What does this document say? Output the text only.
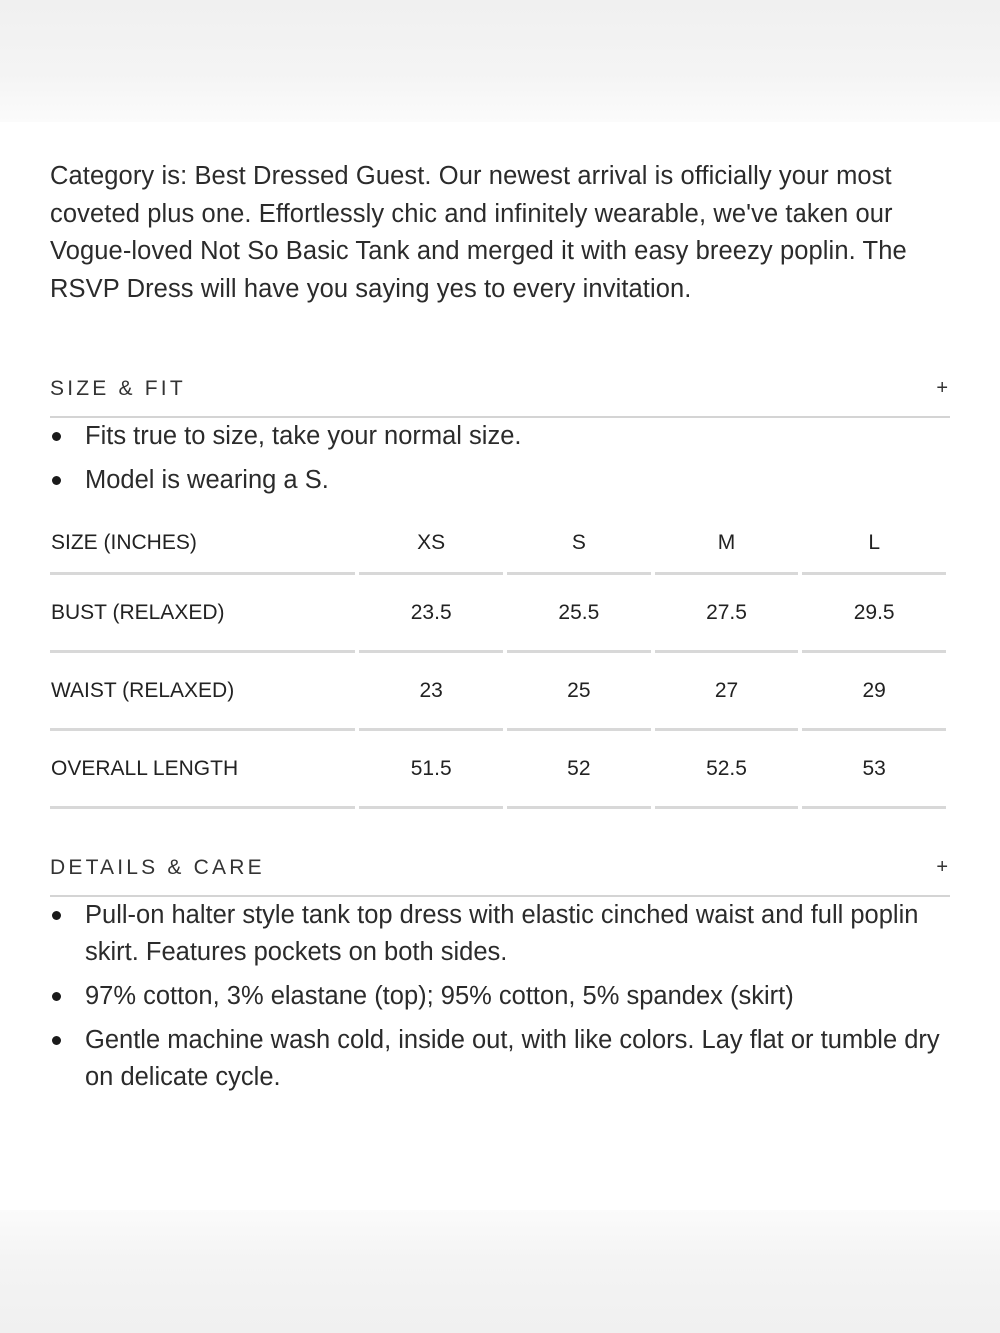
Category is: Best Dressed Guest. Our newest arrival is officially your most coveted plus one. Effortlessly chic and infinitely wearable, we've taken our Vogue-loved Not So Basic Tank and merged it with easy breezy poplin. The RSVP Dress will have you saying yes to every invitation.

SIZE & FIT	+
Fits true to size, take your normal size.
Model is wearing a S.
SIZE (INCHES)	XS	S	M	L
BUST (RELAXED)	23.5	25.5	27.5	29.5
WAIST (RELAXED)	23	25	27	29
OVERALL LENGTH	51.5	52	52.5	53
DETAILS & CARE	+
Pull-on halter style tank top dress with elastic cinched waist and full poplin skirt. Features pockets on both sides.
97% cotton, 3% elastane (top); 95% cotton, 5% spandex (skirt)
Gentle machine wash cold, inside out, with like colors. Lay flat or tumble dry on delicate cycle.
